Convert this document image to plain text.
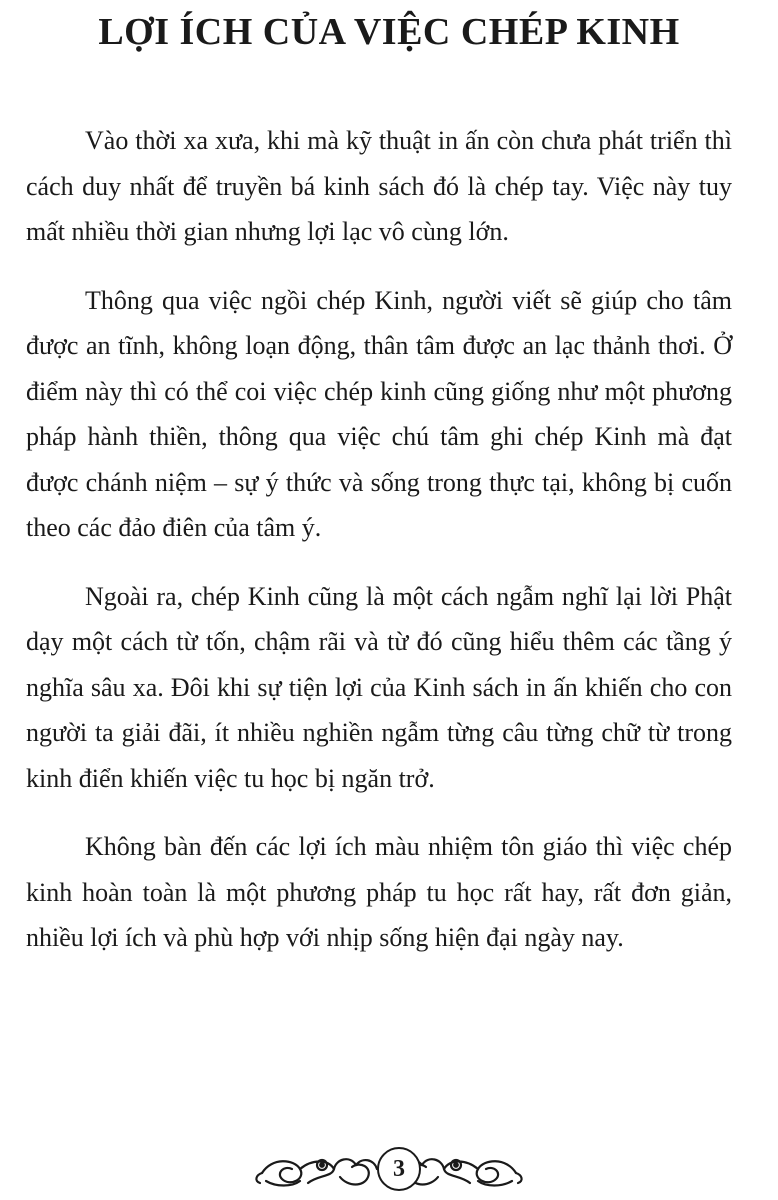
LỢI ÍCH CỦA VIỆC CHÉP KINH

Vào thời xa xưa, khi mà kỹ thuật in ấn còn chưa phát triển thì cách duy nhất để truyền bá kinh sách đó là chép tay. Việc này tuy mất nhiều thời gian nhưng lợi lạc vô cùng lớn.

Thông qua việc ngồi chép Kinh, người viết sẽ giúp cho tâm được an tĩnh, không loạn động, thân tâm được an lạc thảnh thơi. Ở điểm này thì có thể coi việc chép kinh cũng giống như một phương pháp hành thiền, thông qua việc chú tâm ghi chép Kinh mà đạt được chánh niệm – sự ý thức và sống trong thực tại, không bị cuốn theo các đảo điên của tâm ý.

Ngoài ra, chép Kinh cũng là một cách ngẫm nghĩ lại lời Phật dạy một cách từ tốn, chậm rãi và từ đó cũng hiểu thêm các tầng ý nghĩa sâu xa. Đôi khi sự tiện lợi của Kinh sách in ấn khiến cho con người ta giải đãi, ít nhiều nghiền ngẫm từng câu từng chữ từ trong kinh điển khiến việc tu học bị ngăn trở.

Không bàn đến các lợi ích màu nhiệm tôn giáo thì việc chép kinh hoàn toàn là một phương pháp tu học rất hay, rất đơn giản, nhiều lợi ích và phù hợp với nhịp sống hiện đại ngày nay.

3
